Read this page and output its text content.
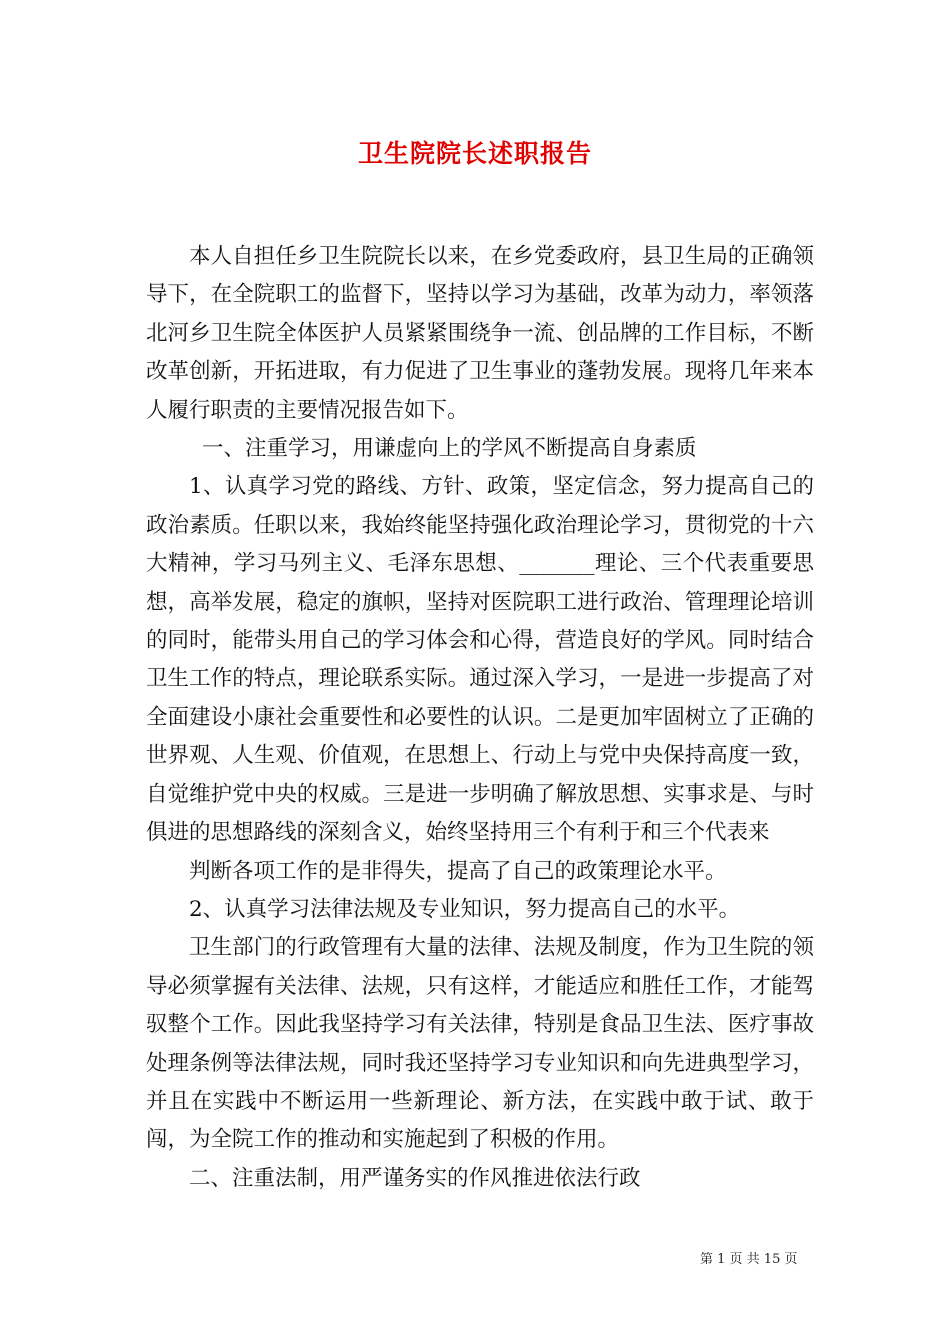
卫生院院长述职报告

本人自担任乡卫生院院长以来，在乡党委政府，县卫生局的正确领导下，在全院职工的监督下，坚持以学习为基础，改革为动力，率领落北河乡卫生院全体医护人员紧紧围绕争一流、创品牌的工作目标，不断改革创新，开拓进取，有力促进了卫生事业的蓬勃发展。现将几年来本人履行职责的主要情况报告如下。

一、注重学习，用谦虚向上的学风不断提高自身素质

1、认真学习党的路线、方针、政策，坚定信念，努力提高自己的政治素质。任职以来，我始终能坚持强化政治理论学习，贯彻党的十六大精神，学习马列主义、毛泽东思想、_______理论、三个代表重要思想，高举发展，稳定的旗帜，坚持对医院职工进行政治、管理理论培训的同时，能带头用自己的学习体会和心得，营造良好的学风。同时结合卫生工作的特点，理论联系实际。通过深入学习，一是进一步提高了对全面建设小康社会重要性和必要性的认识。二是更加牢固树立了正确的世界观、人生观、价值观，在思想上、行动上与党中央保持高度一致，自觉维护党中央的权威。三是进一步明确了解放思想、实事求是、与时俱进的思想路线的深刻含义，始终坚持用三个有利于和三个代表来

判断各项工作的是非得失，提高了自己的政策理论水平。

2、认真学习法律法规及专业知识，努力提高自己的水平。

卫生部门的行政管理有大量的法律、法规及制度，作为卫生院的领导必须掌握有关法律、法规，只有这样，才能适应和胜任工作，才能驾驭整个工作。因此我坚持学习有关法律，特别是食品卫生法、医疗事故处理条例等法律法规，同时我还坚持学习专业知识和向先进典型学习，并且在实践中不断运用一些新理论、新方法，在实践中敢于试、敢于闯，为全院工作的推动和实施起到了积极的作用。

二、注重法制，用严谨务实的作风推进依法行政

第 1 页 共 15 页
